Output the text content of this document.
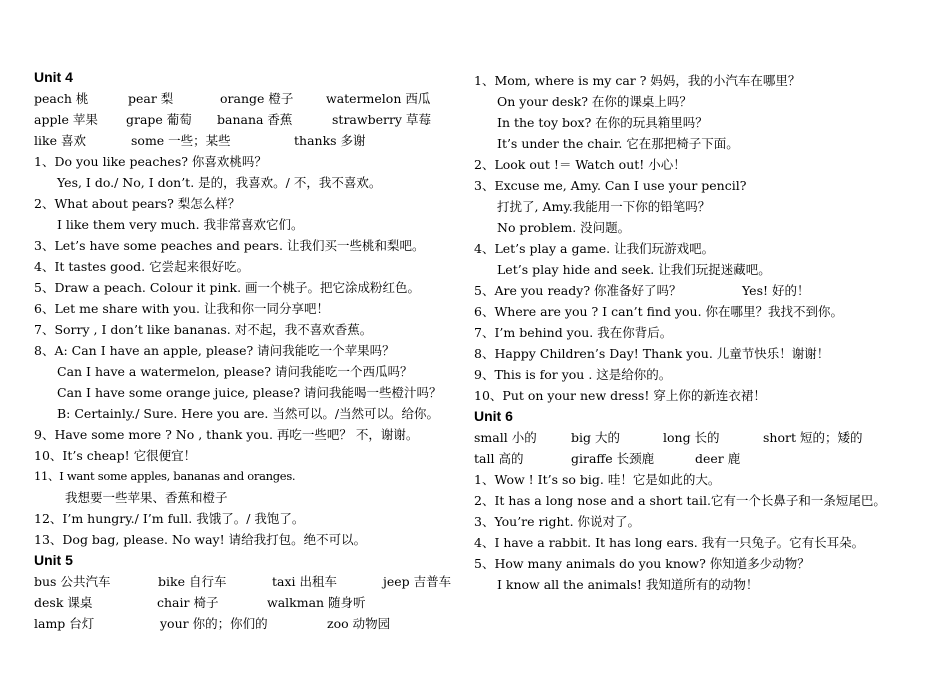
Unit 4
peach 桃	pear 梨	orange 橙子	watermelon 西瓜
apple 苹果 grape 葡萄 banana 香蕉	strawberry 草莓
like 喜欢	some 一些；某些	thanks 多谢
1、Do you like peaches? 你喜欢桃吗？
Yes, I do./ No, I don’t. 是的，我喜欢。/ 不，我不喜欢。
2、What about pears? 梨怎么样？
I like them very much. 我非常喜欢它们。
3、Let’s have some peaches and pears. 让我们买一些桃和梨吧。
4、It tastes good. 它尝起来很好吃。
5、Draw a peach. Colour it pink. 画一个桃子。把它涂成粉红色。
6、Let me share with you. 让我和你一同分享吧！
7、Sorry , I don’t like bananas. 对不起，我不喜欢香蕉。
8、A: Can I have an apple, please? 请问我能吃一个苹果吗？
Can I have a watermelon, please? 请问我能吃一个西瓜吗？
Can I have some orange juice, please? 请问我能喝一些橙汁吗？
B: Certainly./ Sure. Here you are. 当然可以。/当然可以。给你。
9、Have some more ? No , thank you. 再吃一些吧？ 不，谢谢。
10、It’s cheap! 它很便宜！
11、I want some apples, bananas and oranges.
我想要一些苹果、香蕉和橙子
12、I’m hungry./ I’m full. 我饿了。/ 我饱了。
13、Dog bag, please. No way! 请给我打包。绝不可以。
Unit 5
bus 公共汽车	bike 自行车	taxi 出租车	jeep 吉普车
desk 课桌	chair 椅子	walkman 随身听
lamp 台灯	your 你的；你们的	zoo 动物园
1、Mom, where is my car ? 妈妈，我的小汽车在哪里？
On your desk? 在你的课桌上吗？
In the toy box? 在你的玩具箱里吗？
It’s under the chair. 它在那把椅子下面。
2、Look out !＝ Watch out! 小心！
3、Excuse me, Amy. Can I use your pencil?
打扰了, Amy.我能用一下你的铅笔吗？
No problem. 没问题。
4、Let’s play a game. 让我们玩游戏吧。
Let’s play hide and seek. 让我们玩捉迷藏吧。
5、Are you ready? 你准备好了吗？	Yes! 好的！
6、Where are you ? I can’t find you. 你在哪里？我找不到你。
7、I’m behind you. 我在你背后。
8、Happy Children’s Day! Thank you. 儿童节快乐！谢谢！
9、This is for you . 这是给你的。
10、Put on your new dress! 穿上你的新连衣裙！
Unit 6
small 小的	big 大的	long 长的	short 短的；矮的
tall 高的	giraffe 长颈鹿	deer 鹿
1、Wow ! It’s so big. 哇！它是如此的大。
2、It has a long nose and a short tail.它有一个长鼻子和一条短尾巴。
3、You’re right. 你说对了。
4、I have a rabbit. It has long ears. 我有一只兔子。它有长耳朵。
5、How many animals do you know? 你知道多少动物？
I know all the animals! 我知道所有的动物！
